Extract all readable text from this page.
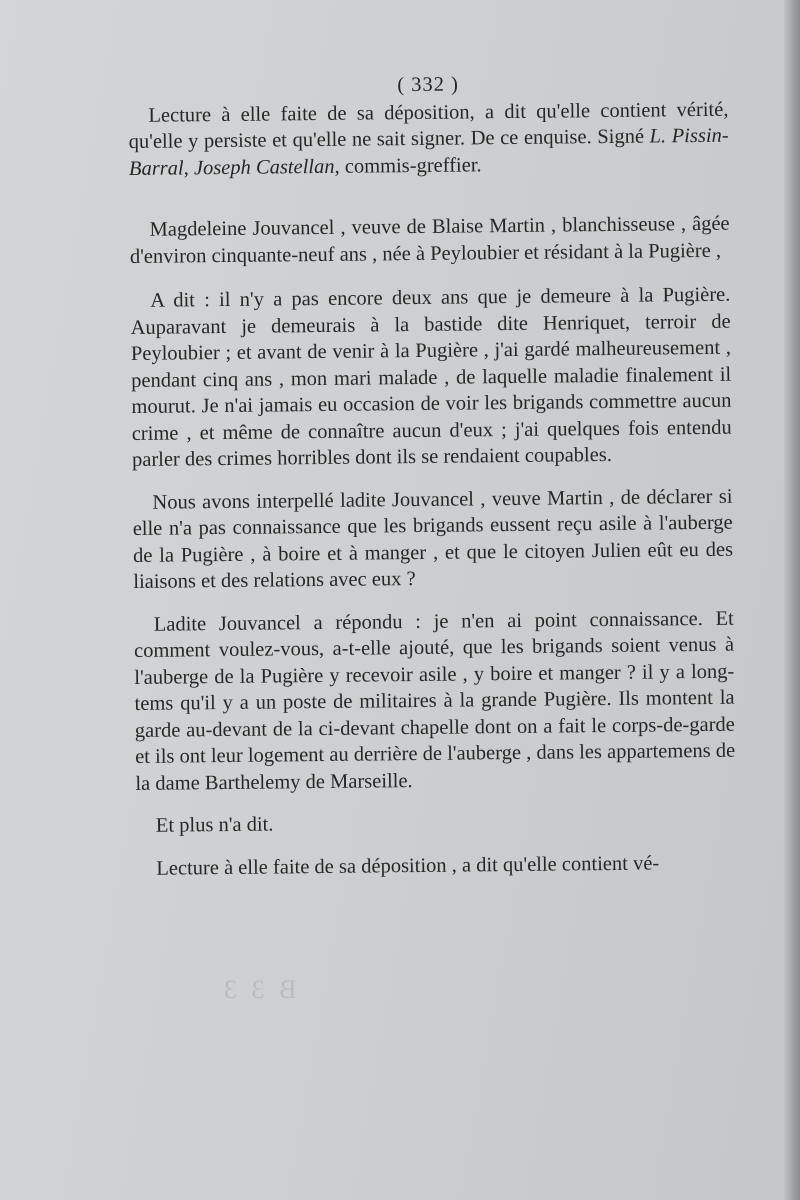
B 3 3

( 332 )

Lecture à elle faite de sa déposition, a dit qu'elle contient vérité, qu'elle y persiste et qu'elle ne sait signer. De ce enquise. Signé L. Pissin-Barral, Joseph Castellan, commis-greffier.

Magdeleine Jouvancel , veuve de Blaise Martin , blanchisseuse , âgée d'environ cinquante-neuf ans , née à Peyloubier et résidant à la Pugière ,

A dit : il n'y a pas encore deux ans que je demeure à la Pugière. Auparavant je demeurais à la bastide dite Henriquet, terroir de Peyloubier ; et avant de venir à la Pugière , j'ai gardé malheureusement , pendant cinq ans , mon mari malade , de laquelle maladie finalement il mourut. Je n'ai jamais eu occasion de voir les brigands commettre aucun crime , et même de connaître aucun d'eux ; j'ai quelques fois entendu parler des crimes horribles dont ils se rendaient coupables.

Nous avons interpellé ladite Jouvancel , veuve Martin , de déclarer si elle n'a pas connaissance que les brigands eussent reçu asile à l'auberge de la Pugière , à boire et à manger , et que le citoyen Julien eût eu des liaisons et des relations avec eux ?

Ladite Jouvancel a répondu : je n'en ai point connaissance. Et comment voulez-vous, a-t-elle ajouté, que les brigands soient venus à l'auberge de la Pugière y recevoir asile , y boire et manger ? il y a long-tems qu'il y a un poste de militaires à la grande Pugière. Ils montent la garde au-devant de la ci-devant chapelle dont on a fait le corps-de-garde et ils ont leur logement au derrière de l'auberge , dans les appartemens de la dame Barthelemy de Marseille.

Et plus n'a dit.

Lecture à elle faite de sa déposition , a dit qu'elle contient vé-
